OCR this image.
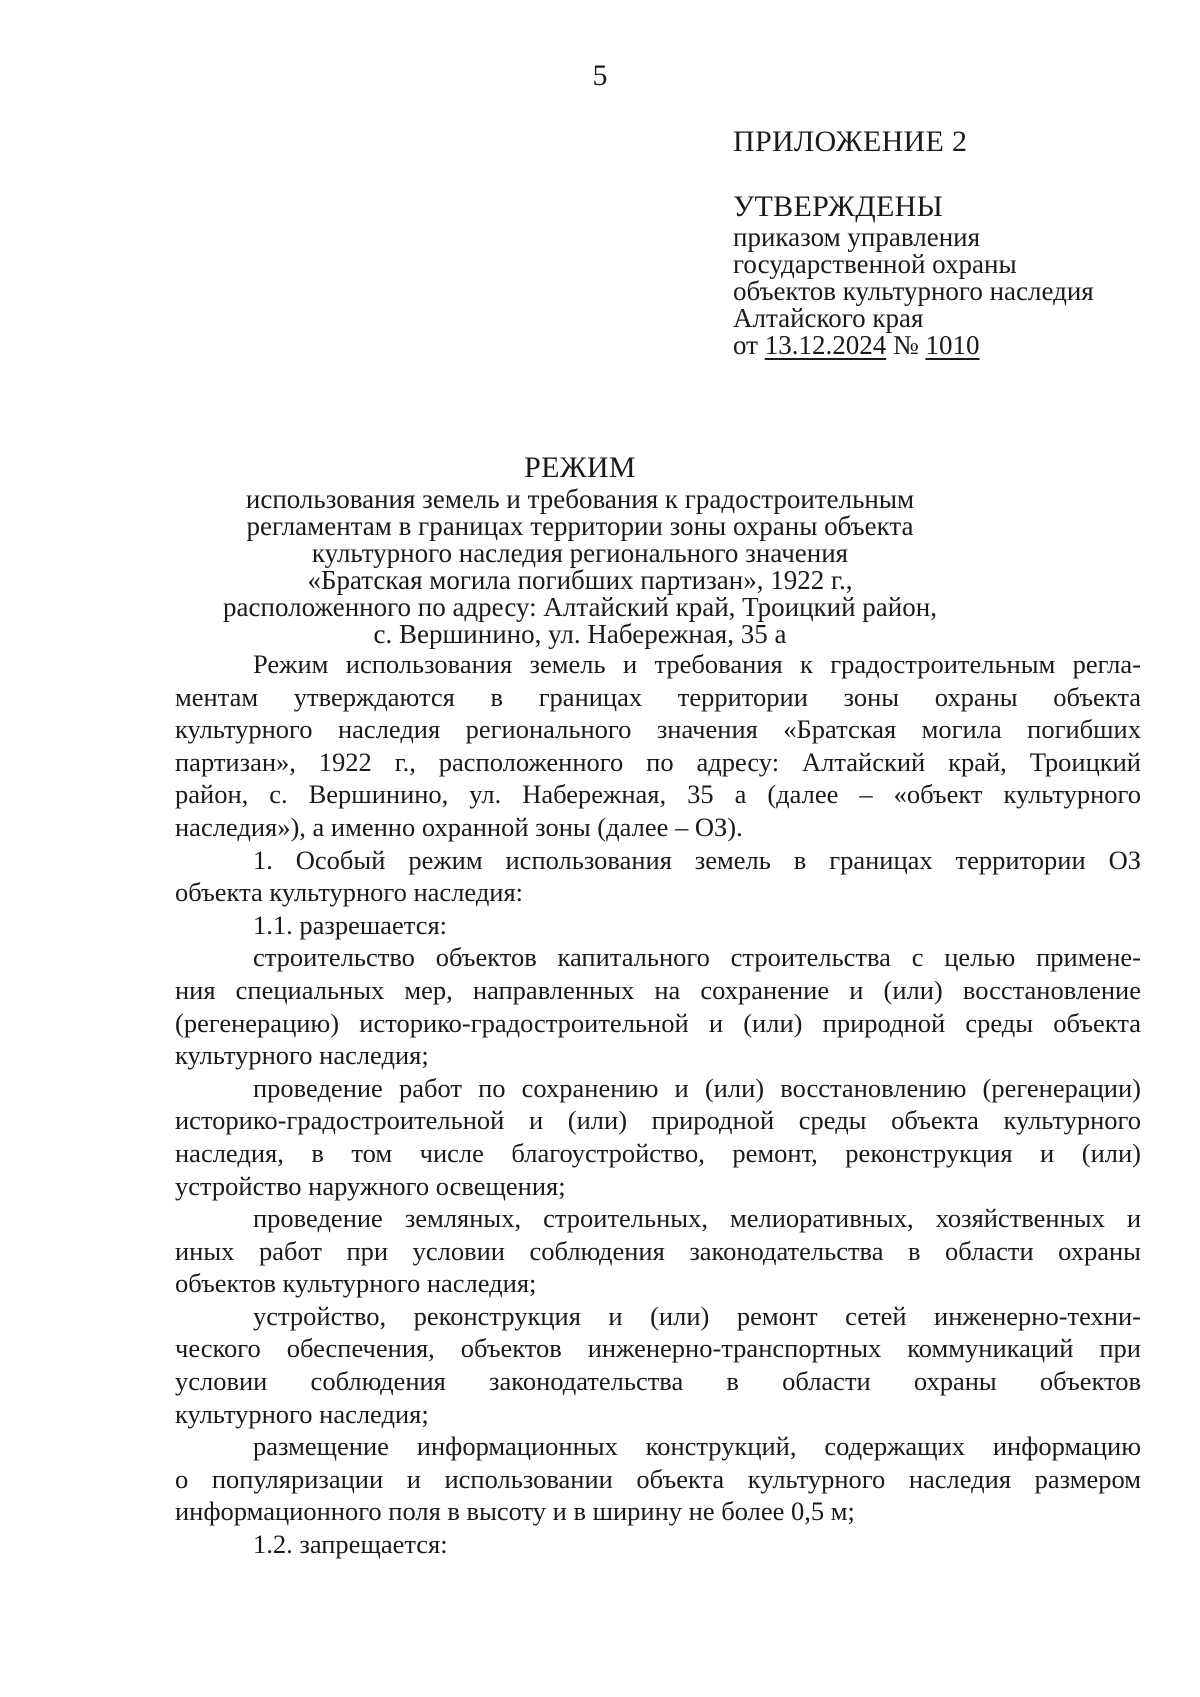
5
ПРИЛОЖЕНИЕ 2
УТВЕРЖДЕНЫ
приказом управления
государственной охраны
объектов культурного наследия
Алтайского края
от 13.12.2024 № 1010
РЕЖИМ
использования земель и требования к градостроительным
регламентам в границах территории зоны охраны объекта
культурного наследия регионального значения
«Братская могила погибших партизан», 1922 г.,
расположенного по адресу: Алтайский край, Троицкий район,
с. Вершинино, ул. Набережная, 35 а
Режим использования земель и требования к градостроительным регла-
ментам утверждаются в границах территории зоны охраны объекта
культурного наследия регионального значения «Братская могила погибших
партизан», 1922 г., расположенного по адресу: Алтайский край, Троицкий
район, с. Вершинино, ул. Набережная, 35 а (далее – «объект культурного
наследия»), а именно охранной зоны (далее – ОЗ).
1. Особый режим использования земель в границах территории ОЗ
объекта культурного наследия:
1.1. разрешается:
строительство объектов капитального строительства с целью примене-
ния специальных мер, направленных на сохранение и (или) восстановление
(регенерацию) историко-градостроительной и (или) природной среды объекта
культурного наследия;
проведение работ по сохранению и (или) восстановлению (регенерации)
историко-градостроительной и (или) природной среды объекта культурного
наследия, в том числе благоустройство, ремонт, реконструкция и (или)
устройство наружного освещения;
проведение земляных, строительных, мелиоративных, хозяйственных и
иных работ при условии соблюдения законодательства в области охраны
объектов культурного наследия;
устройство, реконструкция и (или) ремонт сетей инженерно-техни-
ческого обеспечения, объектов инженерно-транспортных коммуникаций при
условии соблюдения законодательства в области охраны объектов
культурного наследия;
размещение информационных конструкций, содержащих информацию
о популяризации и использовании объекта культурного наследия размером
информационного поля в высоту и в ширину не более 0,5 м;
1.2. запрещается:
